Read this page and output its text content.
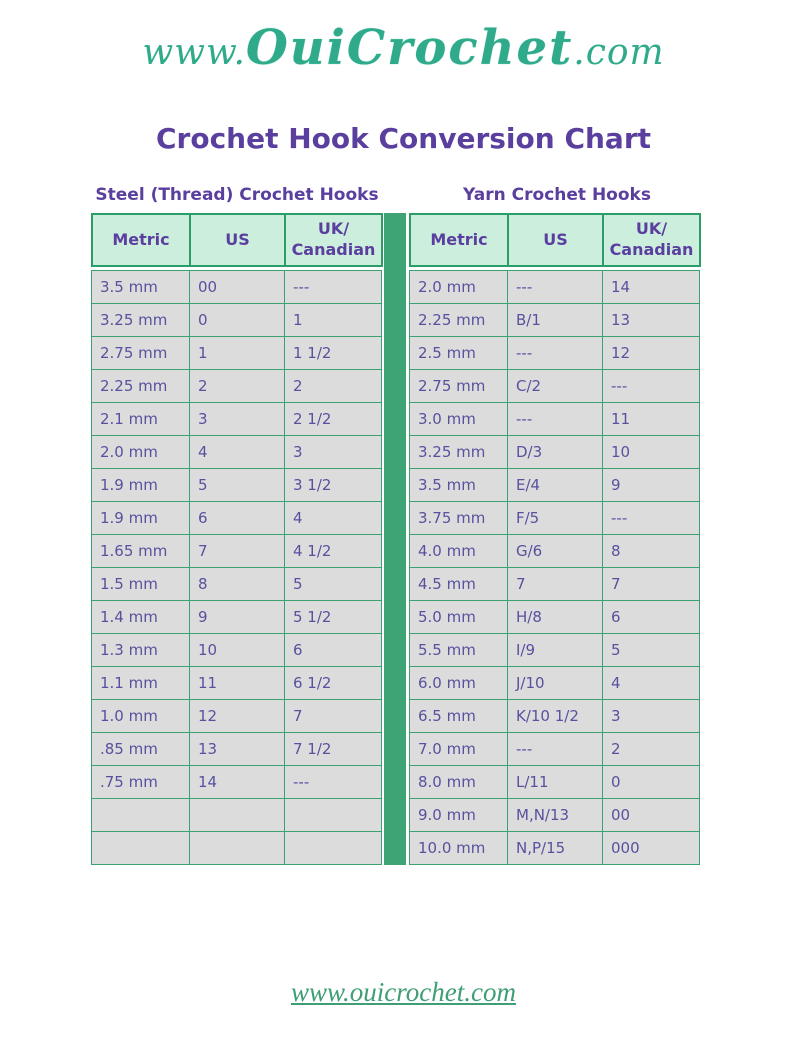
www.OuiCrochet.com
Crochet Hook Conversion Chart
Steel (Thread) Crochet Hooks	Yarn Crochet Hooks
Metric	US	UK/ Canadian
3.5 mm	00	---
3.25 mm	0	1
2.75 mm	1	1 1/2
2.25 mm	2	2
2.1 mm	3	2 1/2
2.0 mm	4	3
1.9 mm	5	3 1/2
1.9 mm	6	4
1.65 mm	7	4 1/2
1.5 mm	8	5
1.4 mm	9	5 1/2
1.3 mm	10	6
1.1 mm	11	6 1/2
1.0 mm	12	7
.85 mm	13	7 1/2
.75 mm	14	---

Metric	US	UK/ Canadian
2.0 mm	---	14
2.25 mm	B/1	13
2.5 mm	---	12
2.75 mm	C/2	---
3.0 mm	---	11
3.25 mm	D/3	10
3.5 mm	E/4	9
3.75 mm	F/5	---
4.0 mm	G/6	8
4.5 mm	7	7
5.0 mm	H/8	6
5.5 mm	I/9	5
6.0 mm	J/10	4
6.5 mm	K/10 1/2	3
7.0 mm	---	2
8.0 mm	L/11	0
9.0 mm	M,N/13	00
10.0 mm	N,P/15	000
www.ouicrochet.com
